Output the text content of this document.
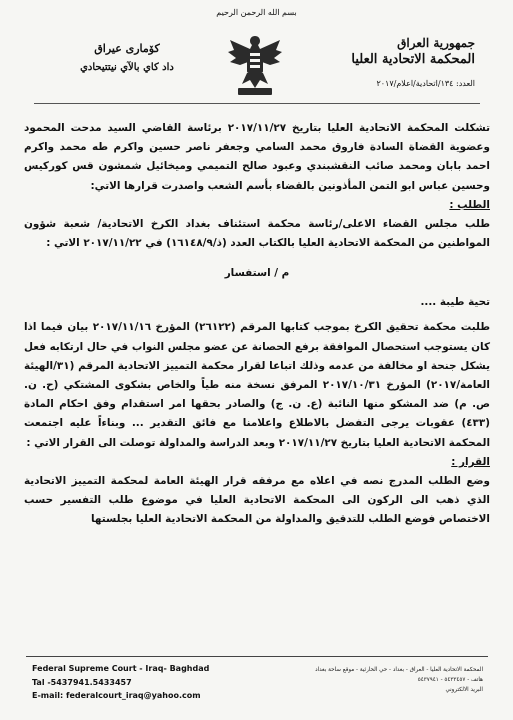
بسم الله الرحمن الرحيم
جمهورية العراق
المحكمة الاتحادية العليا
العدد: ١٣٤/اتحادية/اعلام/٢٠١٧
كۆماری عیراق
داد كاي بالآي نيتتيحادي
تشكلت المحكمة الاتحادية العليا بتاريخ ٢٠١٧/١١/٢٧ برئاسة القاضي السيد مدحت المحمود وعضوية القضاة السادة فاروق محمد السامي وجعفر ناصر حسين واكرم طه محمد واكرم احمد بابان ومحمد صائب النقشبندي وعبود صالح التميمي وميخائيل شمشون قس كوركيس وحسين عباس ابو التمن المأذونين بالقضاء بأسم الشعب واصدرت قرارها الاتي:
الطلب :
طلب مجلس القضاء الاعلى/رئاسة محكمة استئناف بغداد الكرخ الاتحادية/ شعبة شؤون المواطنين من المحكمة الاتحادية العليا بالكتاب العدد (ذ/١٦١٤٨/٩) في ٢٠١٧/١١/٢٢ الاتي :
م / استفسار
تحية طيبة ....
طلبت محكمة تحقيق الكرخ بموجب كتابها المرقم (٢٦١٢٢) المؤرخ ٢٠١٧/١١/١٦ بيان فيما اذا كان يستوجب استحصال الموافقة برفع الحصانة عن عضو مجلس النواب في حال ارتكابه فعل يشكل جنحة او مخالفة من عدمه وذلك اتباعا لقرار محكمة التمييز الاتحادية المرقم (٣١/الهيئة العامة/٢٠١٧) المؤرخ ٢٠١٧/١٠/٣١ المرفق نسخة منه طياً والخاص بشكوى المشتكي (ح. ن. ص. م) ضد المشكو منها النائبة (ع. ن. ج) والصادر بحقها امر استقدام وفق احكام المادة (٤٣٣) عقوبات يرجى التفضل بالاطلاع واعلامنا مع فائق التقدير ... وبناءاً عليه اجتمعت المحكمة الاتحادية العليا بتاريخ ٢٠١٧/١١/٢٧ وبعد الدراسة والمداولة توصلت الى القرار الاتي :
القرار :
وضع الطلب المدرج نصه في اعلاه مع مرفقه قرار الهيئة العامة لمحكمة التمييز الاتحادية الذي ذهب الى الركون الى المحكمة الاتحادية العليا في موضوع طلب التفسير حسب الاختصاص فوضع الطلب للتدقيق والمداولة من المحكمة الاتحادية العليا بجلستها
Federal Supreme Court - Iraq- Baghdad
Tal -5437941.5433457
E-mail: federalcourt_iraq@yahoo.com
المحكمة الاتحادية العليا - العراق - بغداد - حي الحارثية - موقع ساحة بغداد
هاتف - ٥٤٣٣٤٥٧ - ٥٤٣٧٩٤١
البريد الالكتروني
